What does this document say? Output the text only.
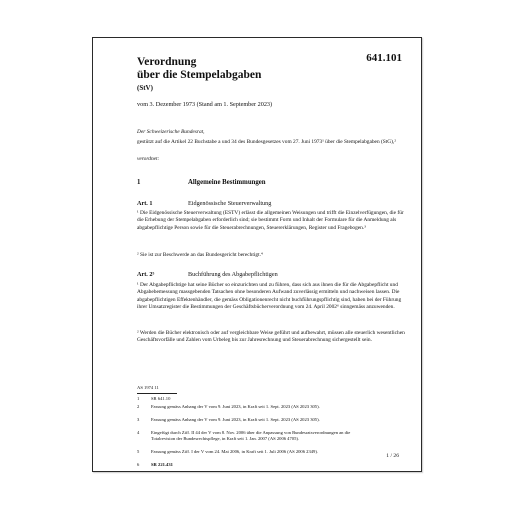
Verordnung
über die Stempelabgaben
(StV)
641.101
vom 3. Dezember 1973 (Stand am 1. September 2023)
Der Schweizerische Bundesrat,
gestützt auf die Artikel 22 Buchstabe a und 34 des Bundesgesetzes vom 27. Juni 1973¹ über die Stempelabgaben (StG),²
verordnet:
1	Allgemeine Bestimmungen
Art. 1	Eidgenössische Steuerverwaltung
¹ Die Eidgenössische Steuerverwaltung (ESTV) erlässt die allgemeinen Weisungen und trifft die Einzelverfügungen, die für die Erhebung der Stempelabgaben erforderlich sind; sie bestimmt Form und Inhalt der Formulare für die Anmeldung als abgabepflichtige Person sowie für die Steuerabrechnungen, Steuererklärungen, Register und Fragebogen.³
² Sie ist zur Beschwerde an das Bundesgericht berechtigt.⁴
Art. 2⁵	Buchführung des Abgabepflichtigen
¹ Der Abgabepflichtige hat seine Bücher so einzurichten und zu führen, dass sich aus ihnen die für die Abgabepflicht und Abgabebemessung massgebenden Tatsachen ohne besonderen Aufwand zuverlässig ermitteln und nachweisen lassen. Die abgabepflichtigen Effektenhändler, die gemäss Obligationenrecht nicht buchführungspflichtig sind, haben bei der Führung ihrer Umsatzregister die Bestimmungen der Geschäftsbücherverordnung vom 24. April 2002⁶ sinngemäss anzuwenden.
² Werden die Bücher elektronisch oder auf vergleichbare Weise geführt und aufbewahrt, müssen alle steuerlich wesentlichen Geschäftsvorfälle und Zahlen vom Urbeleg bis zur Jahresrechnung und Steuerabrechnung sichergestellt sein.
AS 1974 11
1	SR 641.10
2	Fassung gemäss Anhang der V vom 9. Juni 2023, in Kraft seit 1. Sept. 2023 (AS 2023 305).
3	Fassung gemäss Anhang der V vom 9. Juni 2023, in Kraft seit 1. Sept. 2023 (AS 2023 305).
4	Eingefügt durch Ziff. II 44 der V vom 8. Nov. 2006 über die Anpassung von Bundesratsverordnungen an die Totalrevision der Bundesrechtspflege, in Kraft seit 1. Jan. 2007 (AS 2006 4705).
5	Fassung gemäss Ziff. I der V vom 24. Mai 2006, in Kraft seit 1. Juli 2006 (AS 2006 2349).
6	SR 221.431
1 / 26
